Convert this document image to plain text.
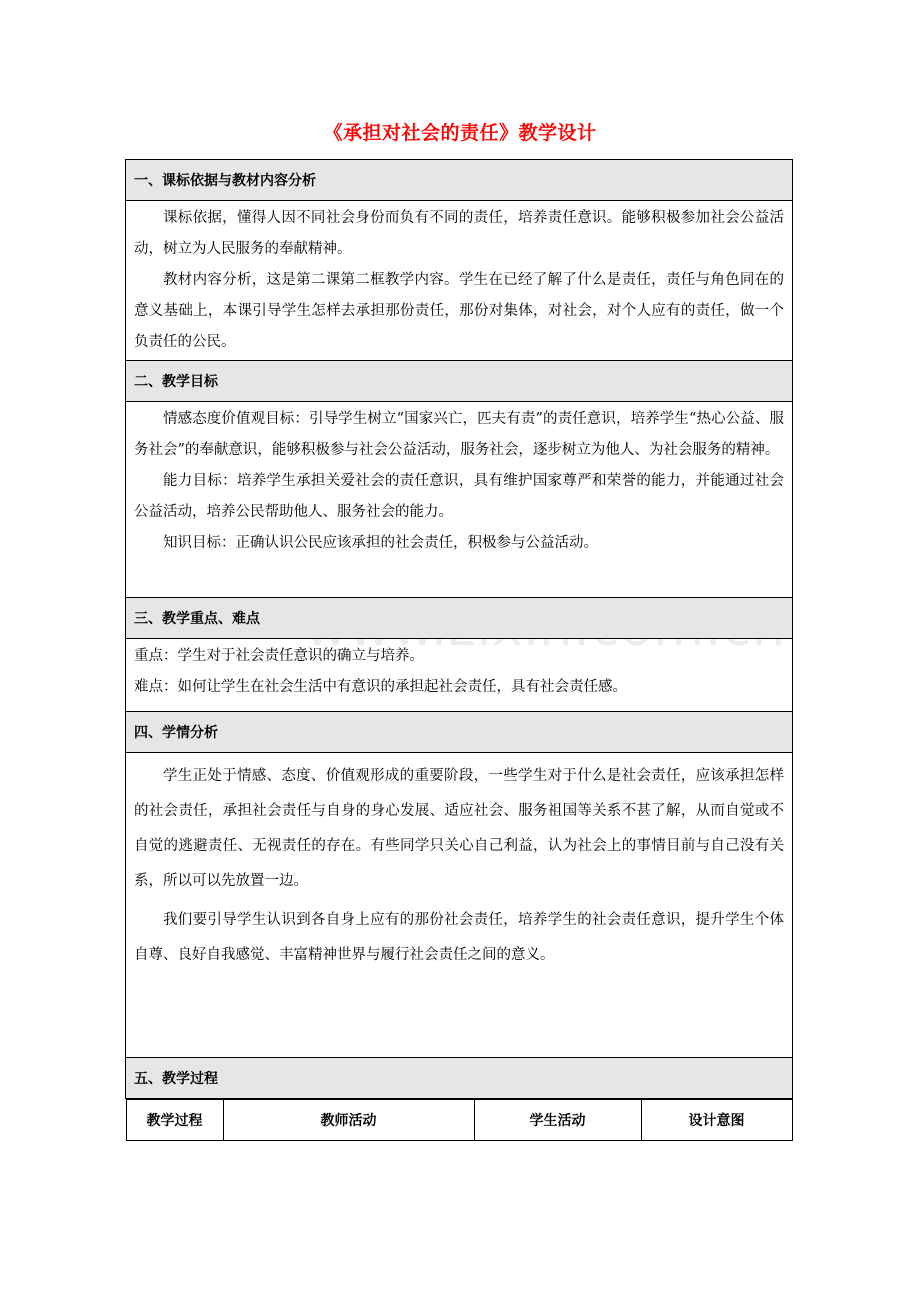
《承担对社会的责任》教学设计
一、课标依据与教材内容分析

课标依据，懂得人因不同社会身份而负有不同的责任，培养责任意识。能够积极参加社会公益活动，树立为人民服务的奉献精神。

教材内容分析，这是第二课第二框教学内容。学生在已经了解了什么是责任，责任与角色同在的意义基础上，本课引导学生怎样去承担那份责任，那份对集体，对社会，对个人应有的责任，做一个负责任的公民。

二、教学目标

情感态度价值观目标：引导学生树立“国家兴亡，匹夫有责”的责任意识，培养学生“热心公益、服务社会”的奉献意识，能够积极参与社会公益活动，服务社会，逐步树立为他人、为社会服务的精神。

能力目标：培养学生承担关爱社会的责任意识，具有维护国家尊严和荣誉的能力，并能通过社会公益活动，培养公民帮助他人、服务社会的能力。

知识目标：正确认识公民应该承担的社会责任，积极参与公益活动。

三、教学重点、难点

重点：学生对于社会责任意识的确立与培养。

难点：如何让学生在社会生活中有意识的承担起社会责任，具有社会责任感。

四、学情分析

学生正处于情感、态度、价值观形成的重要阶段，一些学生对于什么是社会责任，应该承担怎样的社会责任，承担社会责任与自身的身心发展、适应社会、服务祖国等关系不甚了解，从而自觉或不自觉的逃避责任、无视责任的存在。有些同学只关心自己利益，认为社会上的事情目前与自己没有关系，所以可以先放置一边。

我们要引导学生认识到各自身上应有的那份社会责任，培养学生的社会责任意识，提升学生个体自尊、良好自我感觉、丰富精神世界与履行社会责任之间的意义。

五、教学过程

教学过程	教师活动	学生活动	设计意图
